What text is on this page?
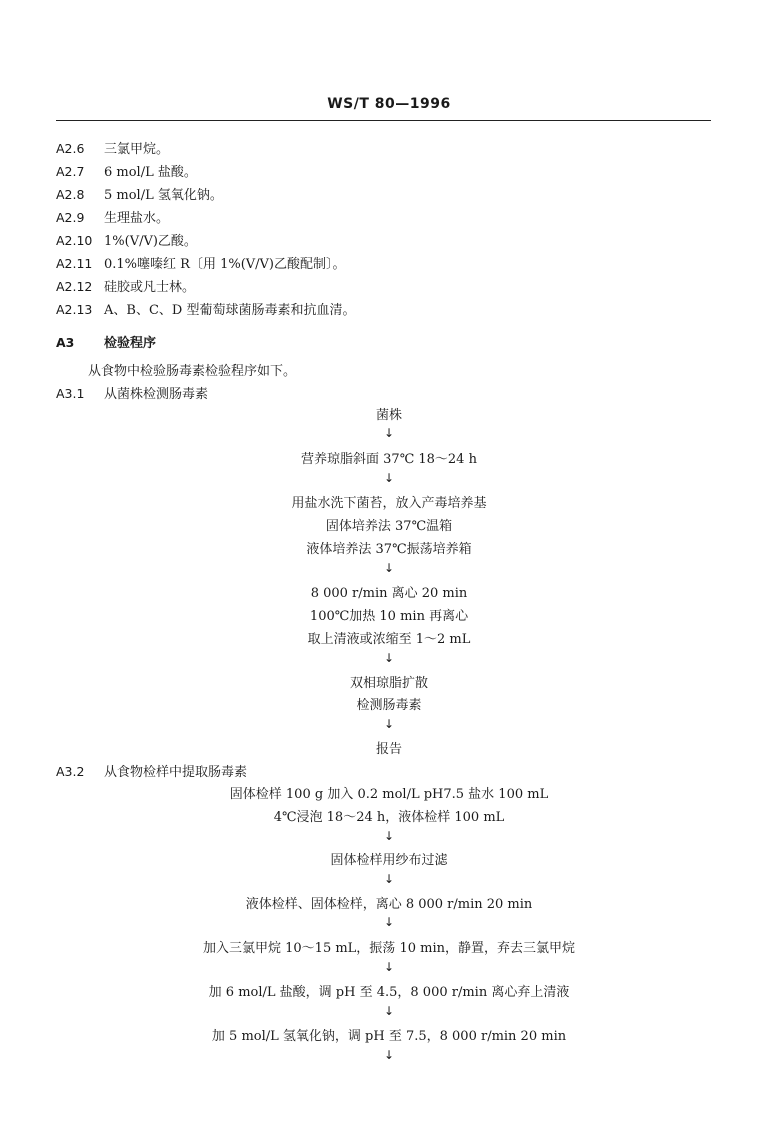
WS/T 80—1996
A2.6 三氯甲烷。
A2.7 6 mol/L 盐酸。
A2.8 5 mol/L 氢氧化钠。
A2.9 生理盐水。
A2.10 1%(V/V)乙酸。
A2.11 0.1%噻嗪红 R〔用 1%(V/V)乙酸配制〕。
A2.12 硅胶或凡士林。
A2.13 A、B、C、D 型葡萄球菌肠毒素和抗血清。
A3 检验程序
从食物中检验肠毒素检验程序如下。
A3.1 从菌株检测肠毒素
菌株
↓
营养琼脂斜面 37℃ 18～24 h
↓
用盐水洗下菌苔，放入产毒培养基
固体培养法 37℃温箱
液体培养法 37℃振荡培养箱
↓
8 000 r/min 离心 20 min
100℃加热 10 min 再离心
取上清液或浓缩至 1～2 mL
↓
双相琼脂扩散
检测肠毒素
↓
报告
A3.2 从食物检样中提取肠毒素
固体检样 100 g 加入 0.2 mol/L pH7.5 盐水 100 mL
4℃浸泡 18～24 h，液体检样 100 mL
↓
固体检样用纱布过滤
↓
液体检样、固体检样，离心 8 000 r/min 20 min
↓
加入三氯甲烷 10～15 mL，振荡 10 min，静置，弃去三氯甲烷
↓
加 6 mol/L 盐酸，调 pH 至 4.5，8 000 r/min 离心弃上清液
↓
加 5 mol/L 氢氧化钠，调 pH 至 7.5，8 000 r/min 20 min
↓
